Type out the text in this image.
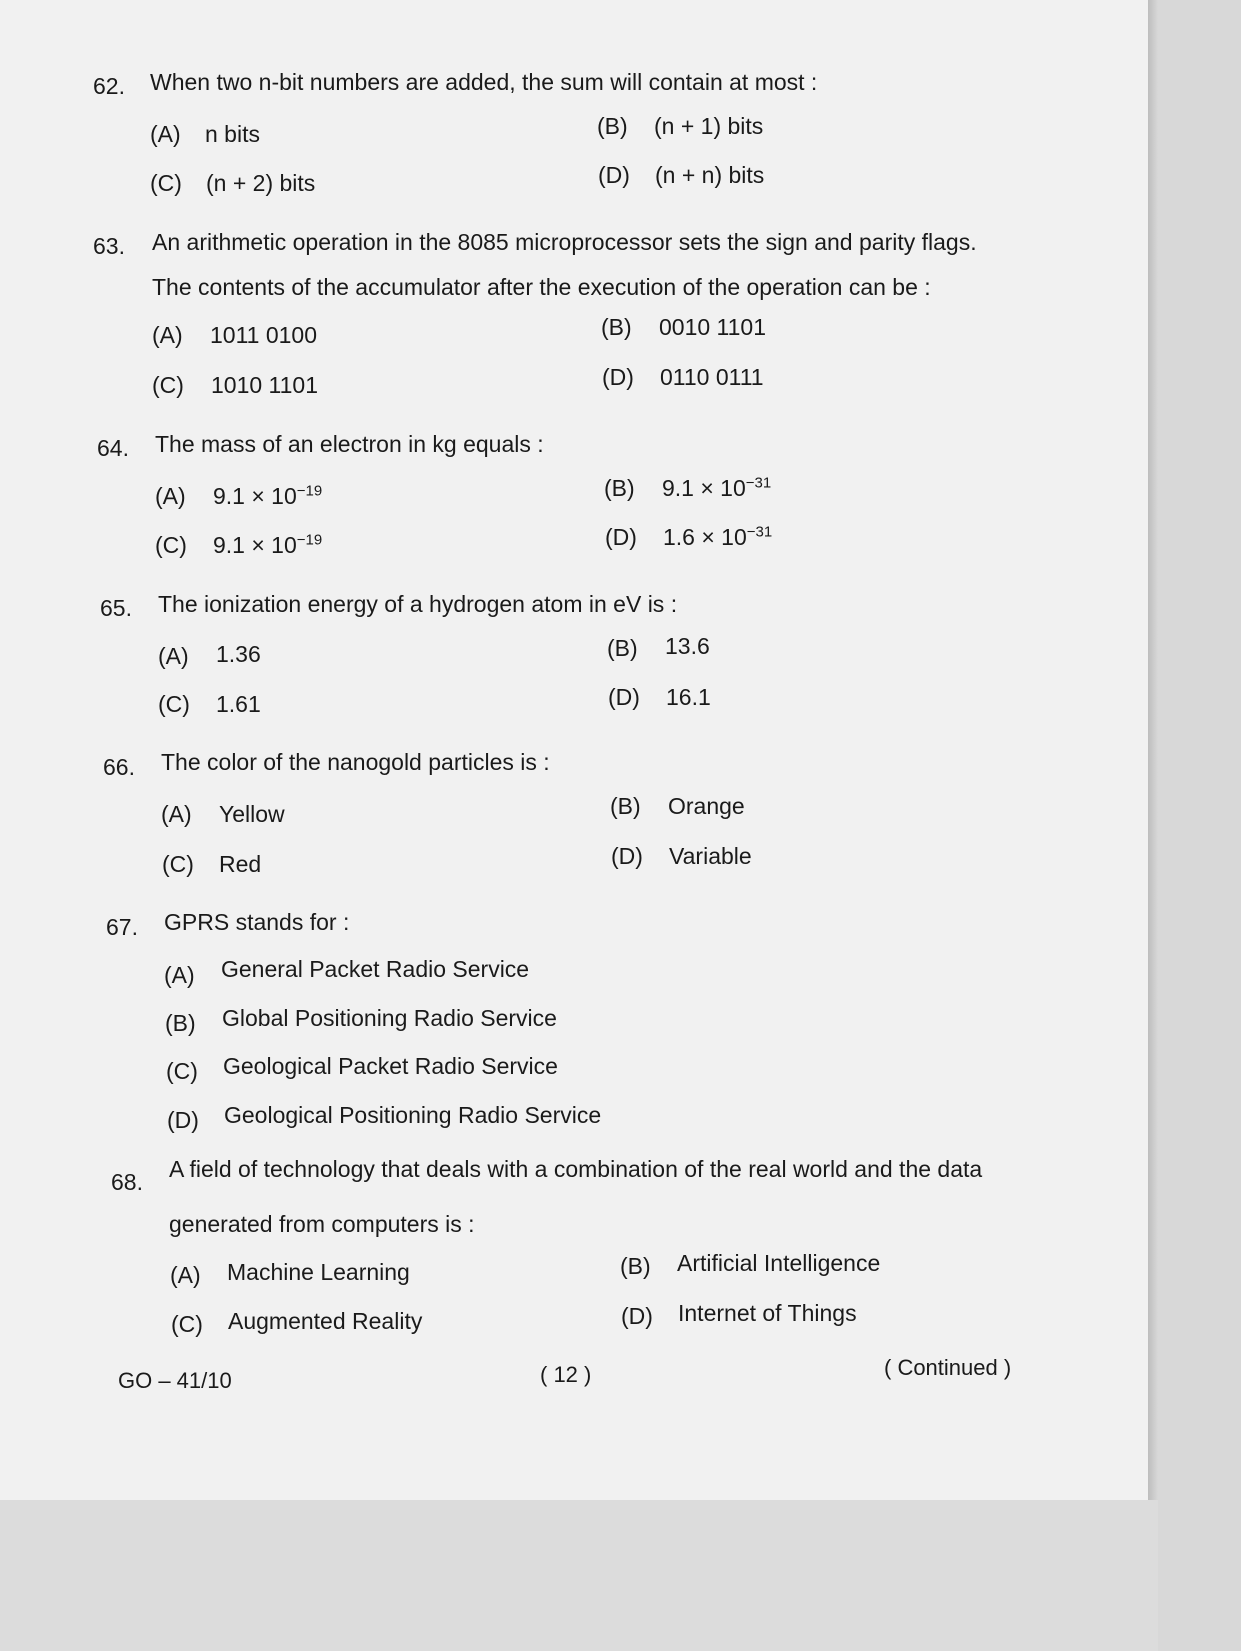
62. When two n-bit numbers are added, the sum will contain at most :
(A) n bits	(B) (n + 1) bits
(C) (n + 2) bits	(D) (n + n) bits
63. An arithmetic operation in the 8085 microprocessor sets the sign and parity flags.
The contents of the accumulator after the execution of the operation can be :
(A) 1011 0100	(B) 0010 1101
(C) 1010 1101	(D) 0110 0111
64. The mass of an electron in kg equals :
(A) $9.1 \times 10^{-19}$	(B) $9.1 \times 10^{-31}$
(C) $9.1 \times 10^{-19}$	(D) $1.6 \times 10^{-31}$
65. The ionization energy of a hydrogen atom in eV is :
(A) 1.36	(B) 13.6
(C) 1.61	(D) 16.1
66. The color of the nanogold particles is :
(A) Yellow	(B) Orange
(C) Red	(D) Variable
67. GPRS stands for :
(A) General Packet Radio Service
(B) Global Positioning Radio Service
(C) Geological Packet Radio Service
(D) Geological Positioning Radio Service
68. A field of technology that deals with a combination of the real world and the data
generated from computers is :
(A) Machine Learning	(B) Artificial Intelligence
(C) Augmented Reality	(D) Internet of Things
GO – 41/10	( 12 )	( Continued )
